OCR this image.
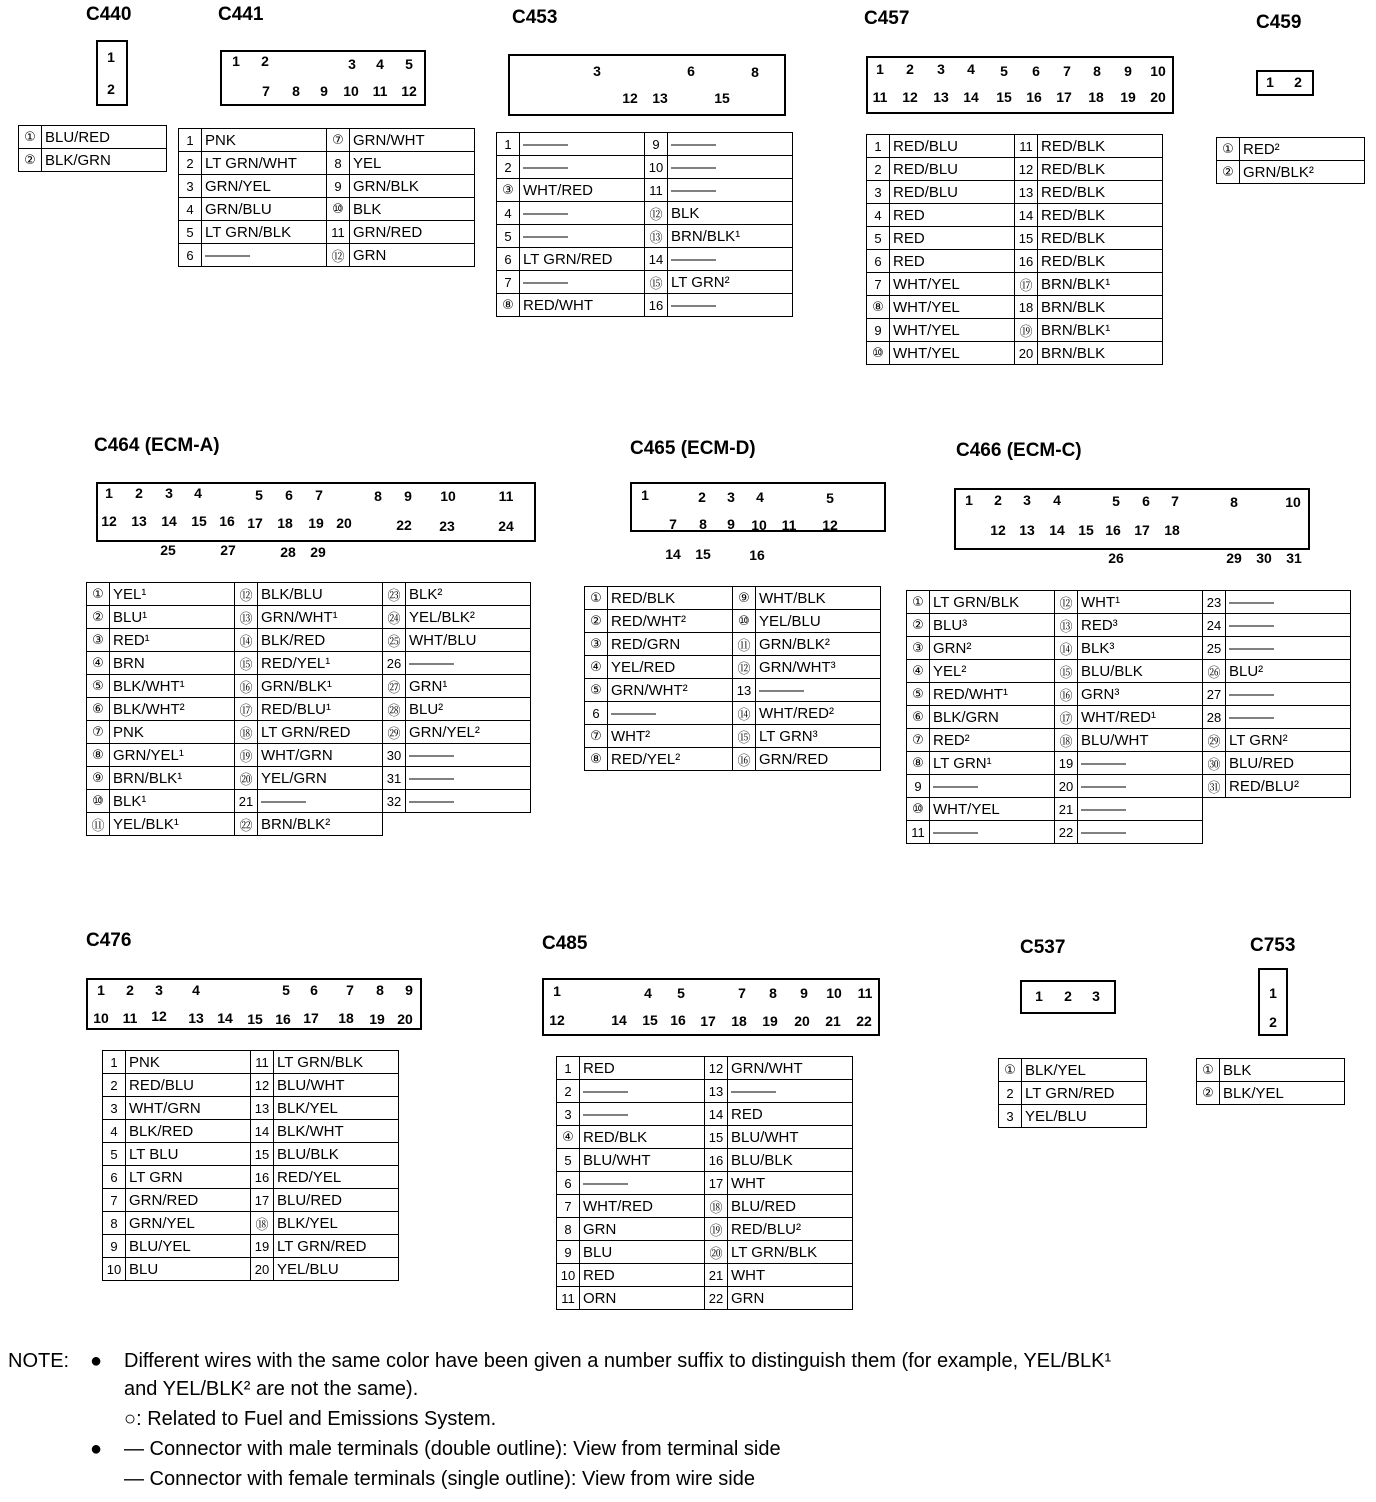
C440	C441	C453	C457	C459
C464 (ECM-A)	C465 (ECM-D)	C466 (ECM-C)
C476	C485	C537	C753
1
2
1	2	3	4	5
7	8	9	10 11 12
3	6	8
12	13	15
1	2	3	4	5	6	7	8	9	10
11	12	13	14	15	16	17	18	19	20
1	2
1	2	3	4	5	6	7	8	9	10	11
12	13	14	15 16 17	18	19 20	22	23	24
25	27	28	29
1	2	3	4	5
7	8	9	10	11	12
14	15	16
1	2	3	4	5	6	7	8	10
12 13	14 15 16 17	18
26	29	30	31
1	2	3	4	5	6	7	8	9
10 11 12	13 14	15 16 17	18	19 20
1	4	5	7	8	9	10	11
12	14	15 16	17	18	19	20	21	22
1	2	3	1
2
①	BLU/RED
②	BLK/GRN
1	PNK	⑦	GRN/WHT
2	LT GRN/WHT	8	YEL
3	GRN/YEL	9	GRN/BLK
4	GRN/BLU	⑩	BLK
5	LT GRN/BLK	11	GRN/RED
6	———	⑫	GRN
1	———	9	———
2	———	10	———
③	WHT/RED	11	———
4	———	⑫	BLK
5	———	⑬	BRN/BLK¹
6	LT GRN/RED	14	———
7	———	⑮	LT GRN²
⑧	RED/WHT	16	———
1	RED/BLU	11	RED/BLK
2	RED/BLU	12	RED/BLK
3	RED/BLU	13	RED/BLK
4	RED	14	RED/BLK
5	RED	15	RED/BLK
6	RED	16	RED/BLK
7	WHT/YEL	⑰	BRN/BLK¹
⑧	WHT/YEL	18	BRN/BLK
9	WHT/YEL	⑲	BRN/BLK¹
⑩	WHT/YEL	20	BRN/BLK
①	RED²
②	GRN/BLK²
①	YEL¹	⑫	BLK/BLU	㉓	BLK²
②	BLU¹	⑬	GRN/WHT¹	㉔	YEL/BLK²
③	RED¹	⑭	BLK/RED	㉕	WHT/BLU
④	BRN	⑮	RED/YEL¹	26	———
⑤	BLK/WHT¹	⑯	GRN/BLK¹	㉗	GRN¹
⑥	BLK/WHT²	⑰	RED/BLU¹	㉘	BLU²
⑦	PNK	⑱	LT GRN/RED	㉙	GRN/YEL²
⑧	GRN/YEL¹	⑲	WHT/GRN	30	———
⑨	BRN/BLK¹	⑳	YEL/GRN	31	———
⑩	BLK¹	21	———	32	———
⑪	YEL/BLK¹	㉒	BRN/BLK²		
①	RED/BLK	⑨	WHT/BLK
②	RED/WHT²	⑩	YEL/BLU
③	RED/GRN	⑪	GRN/BLK²
④	YEL/RED	⑫	GRN/WHT³
⑤	GRN/WHT²	13	———
6	———	⑭	WHT/RED²
⑦	WHT²	⑮	LT GRN³
⑧	RED/YEL²	⑯	GRN/RED
①	LT GRN/BLK	⑫	WHT¹	23	———
②	BLU³	⑬	RED³	24	———
③	GRN²	⑭	BLK³	25	———
④	YEL²	⑮	BLU/BLK	㉖	BLU²
⑤	RED/WHT¹	⑯	GRN³	27	———
⑥	BLK/GRN	⑰	WHT/RED¹	28	———
⑦	RED²	⑱	BLU/WHT	㉙	LT GRN²
⑧	LT GRN¹	19	———	㉚	BLU/RED
9	———	20	———	㉛	RED/BLU²
⑩	WHT/YEL	21	———		
11	———	22	———		
1	PNK	11	LT GRN/BLK
2	RED/BLU	12	BLU/WHT
3	WHT/GRN	13	BLK/YEL
4	BLK/RED	14	BLK/WHT
5	LT BLU	15	BLU/BLK
6	LT GRN	16	RED/YEL
7	GRN/RED	17	BLU/RED
8	GRN/YEL	⑱	BLK/YEL
9	BLU/YEL	19	LT GRN/RED
10	BLU	20	YEL/BLU
1	RED	12	GRN/WHT
2	———	13	———
3	———	14	RED
④	RED/BLK	15	BLU/WHT
5	BLU/WHT	16	BLU/BLK
6	———	17	WHT
7	WHT/RED	⑱	BLU/RED
8	GRN	⑲	RED/BLU²
9	BLU	⑳	LT GRN/BLK
10	RED	21	WHT
11	ORN	22	GRN
①	BLK/YEL
2	LT GRN/RED
3	YEL/BLU
①	BLK
②	BLK/YEL
NOTE: ● Different wires with the same color have been given a number suffix to distinguish them (for example, YEL/BLK¹
and YEL/BLK² are not the same).
○: Related to Fuel and Emissions System.
● — Connector with male terminals (double outline): View from terminal side
— Connector with female terminals (single outline): View from wire side
